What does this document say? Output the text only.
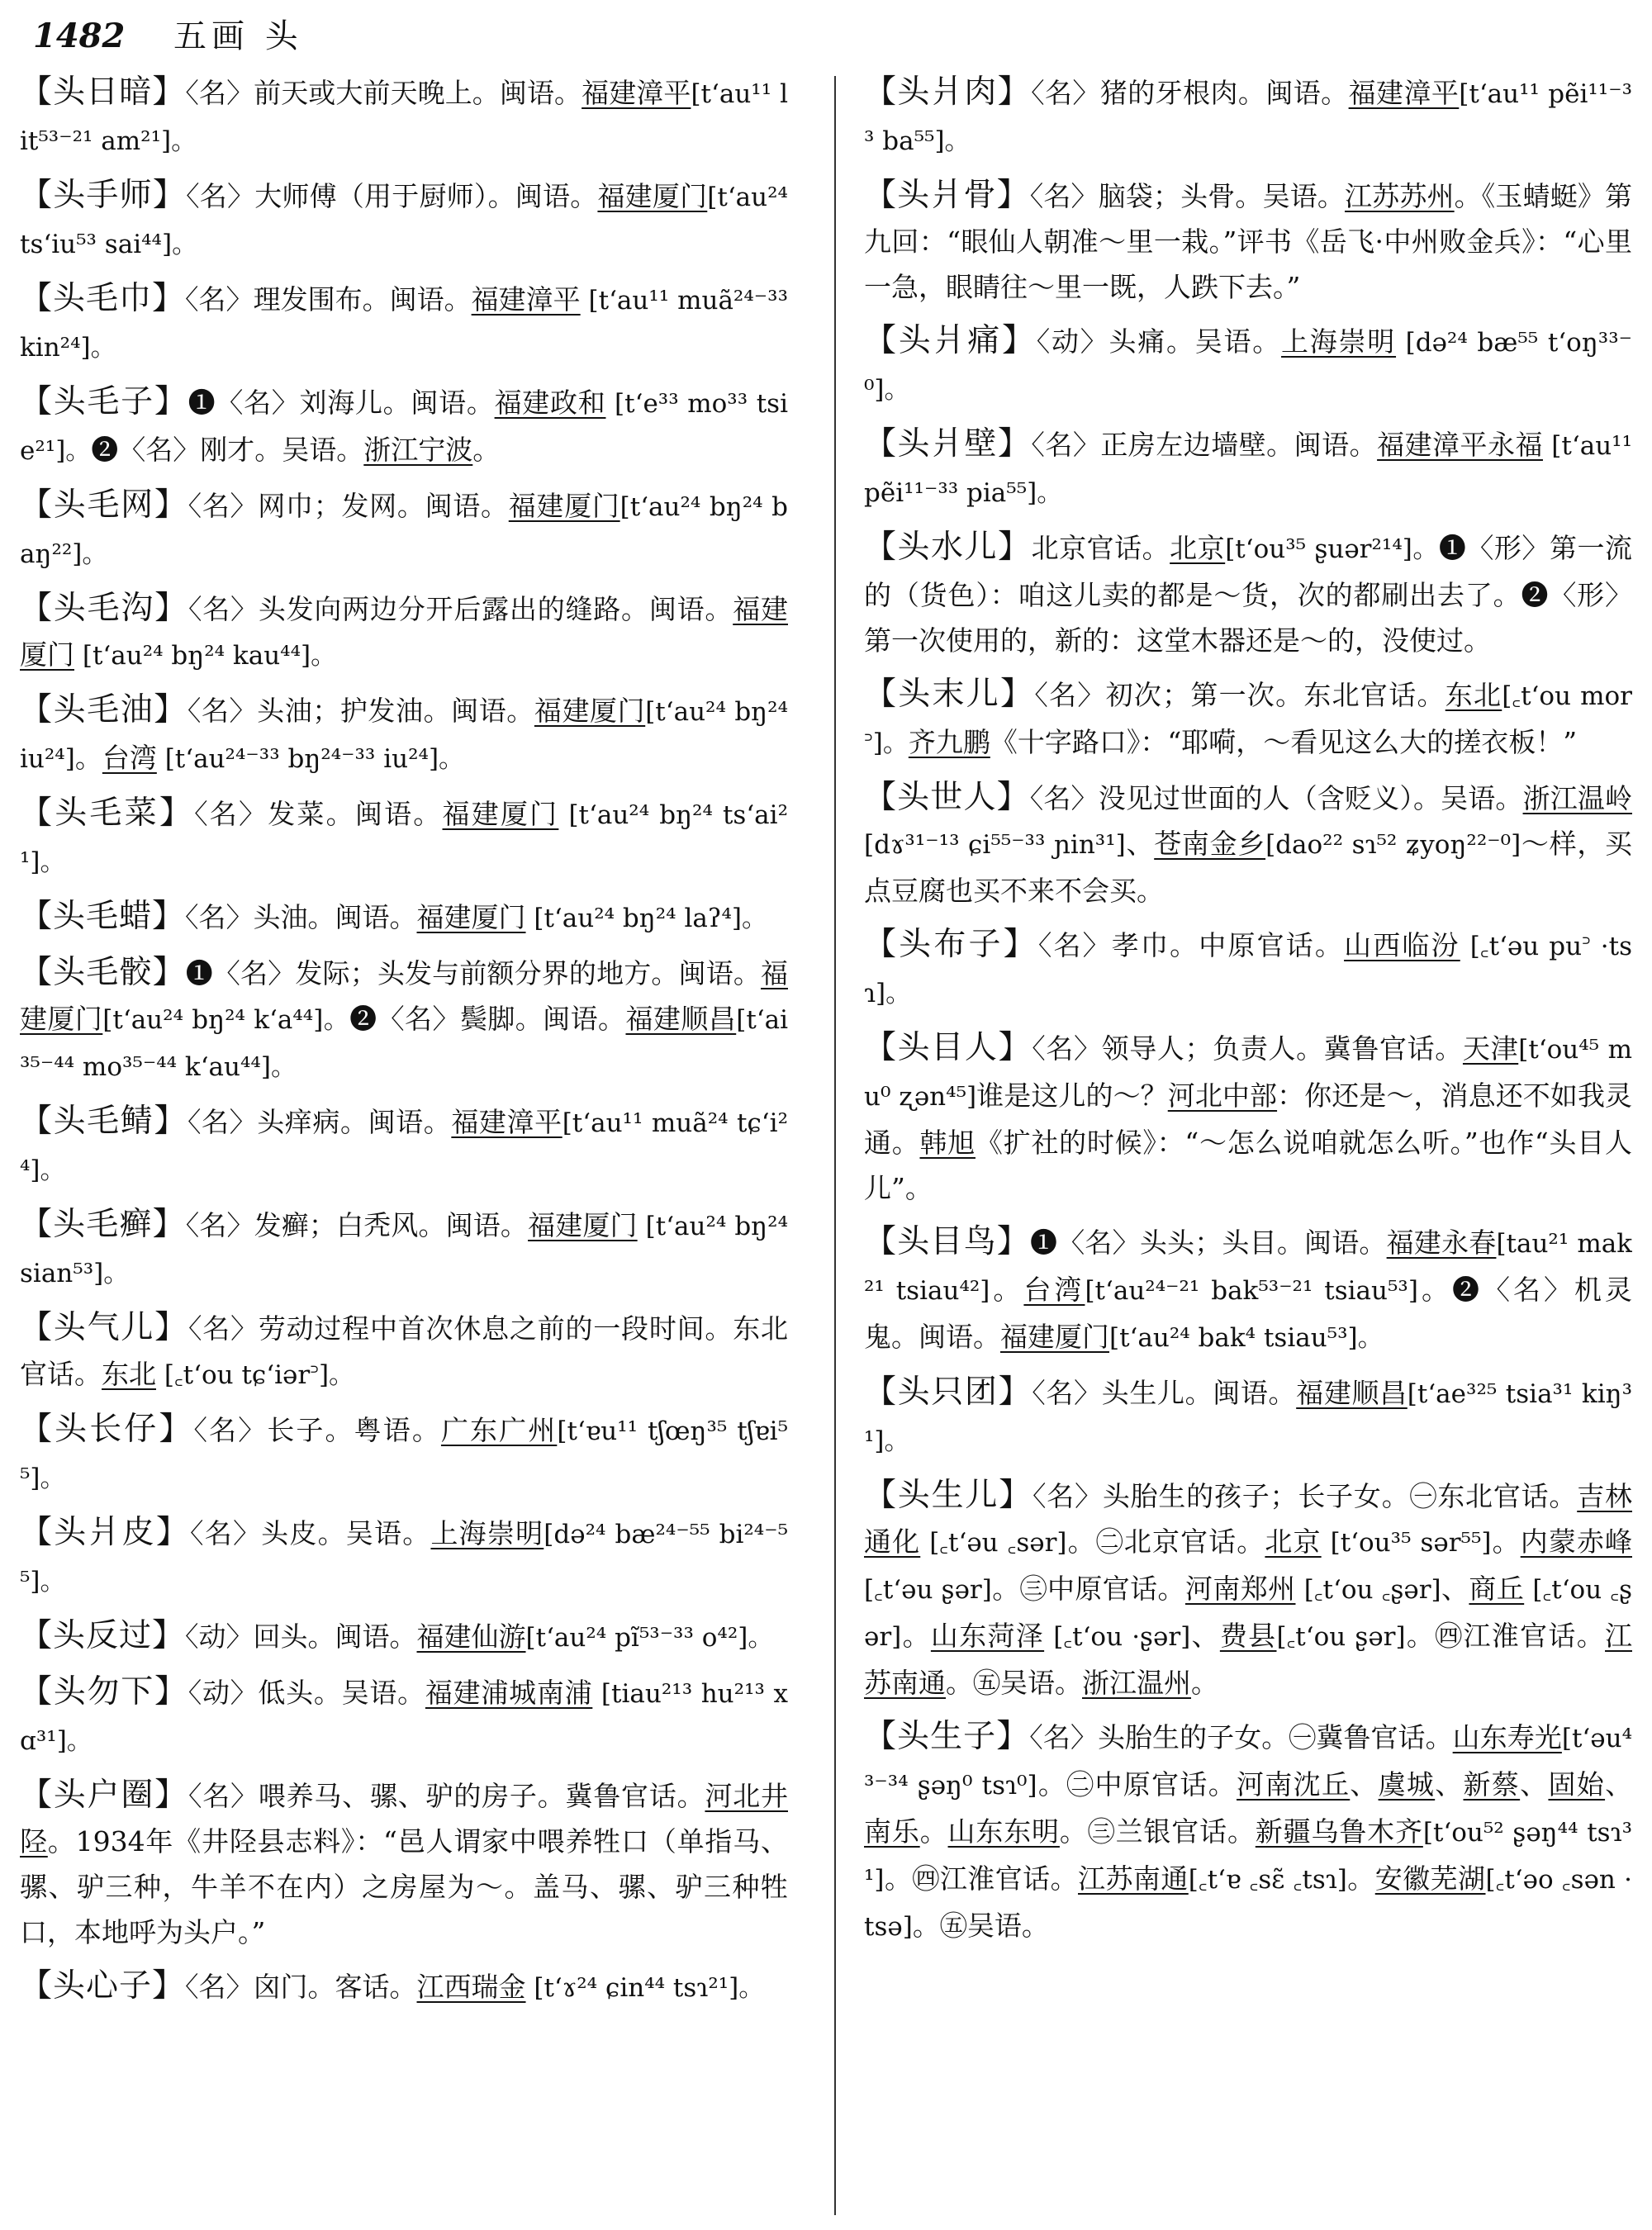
1482 五画 头
【头日暗】〈名〉前天或大前天晚上。闽语。福建漳平[t‘au¹¹ lit⁵³⁻²¹ am²¹]。
【头手师】〈名〉大师傅（用于厨师）。闽语。福建厦门[t‘au²⁴ ts‘iu⁵³ sai⁴⁴]。
【头毛巾】〈名〉理发围布。闽语。福建漳平 [t‘au¹¹ muã²⁴⁻³³ kin²⁴]。
【头毛子】❶〈名〉刘海儿。闽语。福建政和 [t‘e³³ mo³³ tsie²¹]。❷〈名〉刚才。吴语。浙江宁波。
【头毛网】〈名〉网巾；发网。闽语。福建厦门[t‘au²⁴ bŋ²⁴ baŋ²²]。
【头毛沟】〈名〉头发向两边分开后露出的缝路。闽语。福建厦门 [t‘au²⁴ bŋ²⁴ kau⁴⁴]。
【头毛油】〈名〉头油；护发油。闽语。福建厦门[t‘au²⁴ bŋ²⁴ iu²⁴]。台湾 [t‘au²⁴⁻³³ bŋ²⁴⁻³³ iu²⁴]。
【头毛菜】〈名〉发菜。闽语。福建厦门 [t‘au²⁴ bŋ²⁴ ts‘ai²¹]。
【头毛蜡】〈名〉头油。闽语。福建厦门 [t‘au²⁴ bŋ²⁴ laʔ⁴]。
【头毛骹】❶〈名〉发际；头发与前额分界的地方。闽语。福建厦门[t‘au²⁴ bŋ²⁴ k‘a⁴⁴]。❷〈名〉鬓脚。闽语。福建顺昌[t‘ai³⁵⁻⁴⁴ mo³⁵⁻⁴⁴ k‘au⁴⁴]。
【头毛鲭】〈名〉头痒病。闽语。福建漳平[t‘au¹¹ muã²⁴ tɕ‘i²⁴]。
【头毛癣】〈名〉发癣；白秃风。闽语。福建厦门 [t‘au²⁴ bŋ²⁴ sian⁵³]。
【头气儿】〈名〉劳动过程中首次休息之前的一段时间。东北官话。东北 [꜀t‘ou tɕ‘iər꜄]。
【头长仔】〈名〉长子。粤语。广东广州[t‘ɐu¹¹ tʃœŋ³⁵ tʃɐi⁵⁵]。
【头爿皮】〈名〉头皮。吴语。上海崇明[də²⁴ bæ²⁴⁻⁵⁵ bi²⁴⁻⁵⁵]。
【头反过】〈动〉回头。闽语。福建仙游[t‘au²⁴ pĩ⁵³⁻³³ o⁴²]。
【头勿下】〈动〉低头。吴语。福建浦城南浦 [tiau²¹³ hu²¹³ xɑ³¹]。
【头户圈】〈名〉喂养马、骡、驴的房子。冀鲁官话。河北井陉。1934年《井陉县志料》：“邑人谓家中喂养牲口（单指马、骡、驴三种，牛羊不在内）之房屋为～。盖马、骡、驴三种牲口，本地呼为头户。”
【头心子】〈名〉囟门。客话。江西瑞金 [t‘ɤ²⁴ ɕin⁴⁴ tsɿ²¹]。
【头爿肉】〈名〉猪的牙根肉。闽语。福建漳平[t‘au¹¹ pẽi¹¹⁻³³ ba⁵⁵]。
【头爿骨】〈名〉脑袋；头骨。吴语。江苏苏州。《玉蜻蜓》第九回：“眼仙人朝准～里一栽。”评书《岳飞·中州败金兵》：“心里一急，眼睛往～里一既，人跌下去。”
【头爿痛】〈动〉头痛。吴语。上海崇明 [də²⁴ bæ⁵⁵ t‘oŋ³³⁻⁰]。
【头爿壁】〈名〉正房左边墙壁。闽语。福建漳平永福 [t‘au¹¹ pẽi¹¹⁻³³ pia⁵⁵]。
【头水儿】北京官话。北京[t‘ou³⁵ ʂuər²¹⁴]。❶〈形〉第一流的（货色）：咱这儿卖的都是～货，次的都刷出去了。❷〈形〉第一次使用的，新的：这堂木器还是～的，没使过。
【头末儿】〈名〉初次；第一次。东北官话。东北[꜀t‘ou mor꜄]。齐九鹏《十字路口》：“耶嗬，～看见这么大的搓衣板！”
【头世人】〈名〉没见过世面的人（含贬义）。吴语。浙江温岭[dɤ³¹⁻¹³ ɕi⁵⁵⁻³³ ɲin³¹]、苍南金乡[dao²² sɿ⁵² ʑyoŋ²²⁻⁰]～样，买点豆腐也买不来不会买。
【头布子】〈名〉孝巾。中原官话。山西临汾 [꜀t‘əu pu꜄ ·tsɿ]。
【头目人】〈名〉领导人；负责人。冀鲁官话。天津[t‘ou⁴⁵ mu⁰ ʐən⁴⁵]谁是这儿的～？河北中部：你还是～，消息还不如我灵通。韩旭《扩社的时候》：“～怎么说咱就怎么听。”也作“头目人儿”。
【头目鸟】❶〈名〉头头；头目。闽语。福建永春[tau²¹ mak²¹ tsiau⁴²]。台湾[t‘au²⁴⁻²¹ bak⁵³⁻²¹ tsiau⁵³]。❷〈名〉机灵鬼。闽语。福建厦门[t‘au²⁴ bak⁴ tsiau⁵³]。
【头只团】〈名〉头生儿。闽语。福建顺昌[t‘ae³²⁵ tsia³¹ kiŋ³¹]。
【头生儿】〈名〉头胎生的孩子；长子女。㊀东北官话。吉林通化 [꜀t‘əu ꜀sər]。㊁北京官话。北京 [t‘ou³⁵ sər⁵⁵]。内蒙赤峰 [꜀t‘əu ʂər]。㊂中原官话。河南郑州 [꜀t‘ou ꜀ʂər]、商丘 [꜀t‘ou ꜀ʂər]。山东菏泽 [꜀t‘ou ·ʂər]、费县[꜀t‘ou ʂər]。㊃江淮官话。江苏南通。㊄吴语。浙江温州。
【头生子】〈名〉头胎生的子女。㊀冀鲁官话。山东寿光[t‘əu⁴³⁻³⁴ ʂəŋ⁰ tsɿ⁰]。㊁中原官话。河南沈丘、虞城、新蔡、固始、南乐。山东东明。㊂兰银官话。新疆乌鲁木齐[t‘ou⁵² ʂəŋ⁴⁴ tsɿ³¹]。㊃江淮官话。江苏南通[꜀t‘ɐ ꜀sɛ̃ ꜀tsɿ]。安徽芜湖[꜀t‘əo ꜀sən ·tsə]。㊄吴语。
